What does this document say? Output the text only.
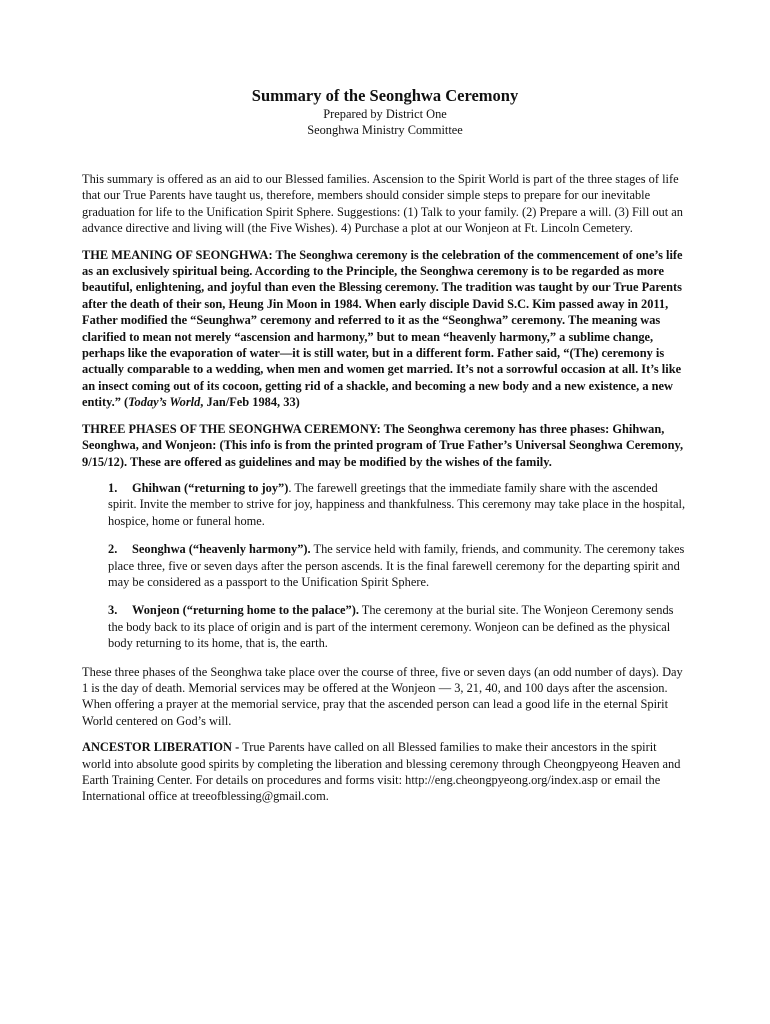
Summary of the Seonghwa Ceremony
Prepared by District One
Seonghwa Ministry Committee

This summary is offered as an aid to our Blessed families. Ascension to the Spirit World is part of the three stages of life that our True Parents have taught us, therefore, members should consider simple steps to prepare for our inevitable graduation for life to the Unification Spirit Sphere. Suggestions: (1) Talk to your family. (2) Prepare a will. (3) Fill out an advance directive and living will (the Five Wishes). 4) Purchase a plot at our Wonjeon at Ft. Lincoln Cemetery.

THE MEANING OF SEONGHWA: The Seonghwa ceremony is the celebration of the commencement of one’s life as an exclusively spiritual being. According to the Principle, the Seonghwa ceremony is to be regarded as more beautiful, enlightening, and joyful than even the Blessing ceremony. The tradition was taught by our True Parents after the death of their son, Heung Jin Moon in 1984. When early disciple David S.C. Kim passed away in 2011, Father modified the “Seunghwa” ceremony and referred to it as the “Seonghwa” ceremony. The meaning was clarified to mean not merely “ascension and harmony,” but to mean “heavenly harmony,” a sublime change, perhaps like the evaporation of water—it is still water, but in a different form. Father said, “(The) ceremony is actually comparable to a wedding, when men and women get married. It’s not a sorrowful occasion at all. It’s like an insect coming out of its cocoon, getting rid of a shackle, and becoming a new body and a new existence, a new entity.” (Today’s World, Jan/Feb 1984, 33)

THREE PHASES OF THE SEONGHWA CEREMONY: The Seonghwa ceremony has three phases: Ghihwan, Seonghwa, and Wonjeon: (This info is from the printed program of True Father’s Universal Seonghwa Ceremony, 9/15/12). These are offered as guidelines and may be modified by the wishes of the family.

1. Ghihwan (“returning to joy”). The farewell greetings that the immediate family share with the ascended spirit. Invite the member to strive for joy, happiness and thankfulness. This ceremony may take place in the hospital, hospice, home or funeral home.
2. Seonghwa (“heavenly harmony”). The service held with family, friends, and community. The ceremony takes place three, five or seven days after the person ascends. It is the final farewell ceremony for the departing spirit and may be considered as a passport to the Unification Spirit Sphere.
3. Wonjeon (“returning home to the palace”). The ceremony at the burial site. The Wonjeon Ceremony sends the body back to its place of origin and is part of the interment ceremony. Wonjeon can be defined as the physical body returning to its home, that is, the earth.

These three phases of the Seonghwa take place over the course of three, five or seven days (an odd number of days). Day 1 is the day of death. Memorial services may be offered at the Wonjeon — 3, 21, 40, and 100 days after the ascension. When offering a prayer at the memorial service, pray that the ascended person can lead a good life in the eternal Spirit World centered on God’s will.

ANCESTOR LIBERATION - True Parents have called on all Blessed families to make their ancestors in the spirit world into absolute good spirits by completing the liberation and blessing ceremony through Cheongpyeong Heaven and Earth Training Center. For details on procedures and forms visit: http://eng.cheongpyeong.org/index.asp or email the International office at treeofblessing@gmail.com.
